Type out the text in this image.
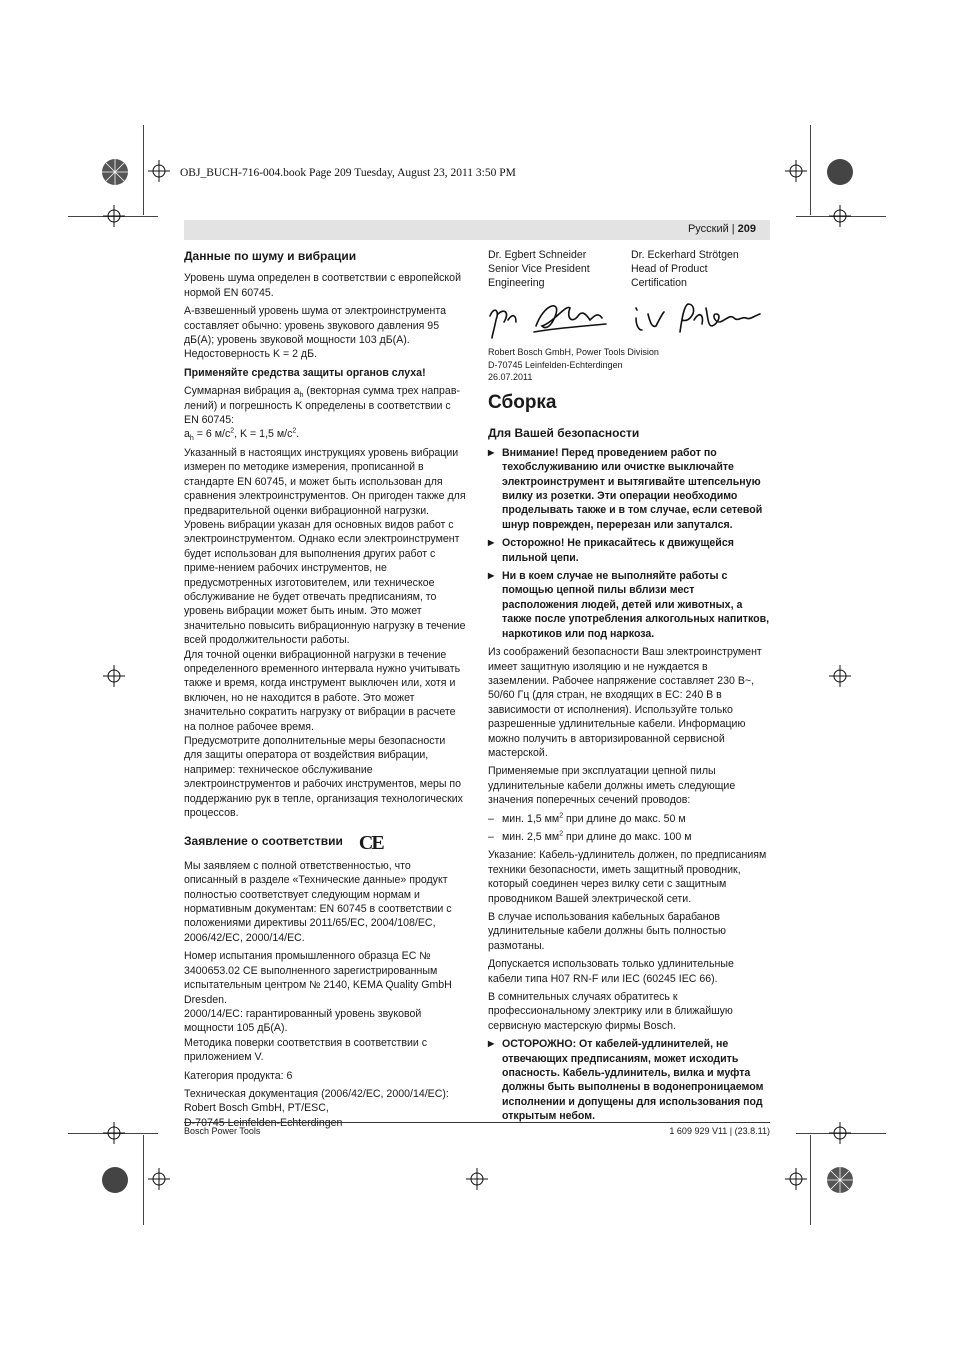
OBJ_BUCH-716-004.book Page 209 Tuesday, August 23, 2011 3:50 PM
Русский | 209
Данные по шуму и вибрации

Уровень шума определен в соответствии с европейской нормой EN 60745.

А-взвешенный уровень шума от электроинструмента составляет обычно: уровень звукового давления 95 дБ(A); уровень звуковой мощности 103 дБ(A). Недостоверность K = 2 дБ.

Применяйте средства защиты органов слуха!

Суммарная вибрация $a_h$ (векторная сумма трех направ-лений) и погрешность K определены в соответствии с EN 60745:

$a_h = 6$ $м/с^2$, K = 1,5 $м/с^2$.

Указанный в настоящих инструкциях уровень вибрации измерен по методике измерения, прописанной в стандарте EN 60745, и может быть использован для сравнения электроинструментов. Он пригоден также для предварительной оценки вибрационной нагрузки.

Уровень вибрации указан для основных видов работ с электроинструментом. Однако если электроинструмент будет использован для выполнения других работ с приме-нением рабочих инструментов, не предусмотренных изготовителем, или техническое обслуживание не будет отвечать предписаниям, то уровень вибрации может быть иным. Это может значительно повысить вибрационную нагрузку в течение всей продолжительности работы.

Для точной оценки вибрационной нагрузки в течение определенного временного интервала нужно учитывать также и время, когда инструмент выключен или, хотя и включен, но не находится в работе. Это может значительно сократить нагрузку от вибрации в расчете на полное рабочее время.

Предусмотрите дополнительные меры безопасности для защиты оператора от воздействия вибрации, например: техническое обслуживание электроинструментов и рабочих инструментов, меры по поддержанию рук в тепле, организация технологических процессов.

Заявление о соответствии CE

Мы заявляем с полной ответственностью, что описанный в разделе «Технические данные» продукт полностью соответствует следующим нормам и нормативным документам: EN 60745 в соответствии с положениями директивы 2011/65/EC, 2004/108/EC, 2006/42/EC, 2000/14/EC.

Номер испытания промышленного образца EC № 3400653.02 CE выполненного зарегистрированным испытательным центром № 2140, KEMA Quality GmbH Dresden.

2000/14/EC: гарантированный уровень звуковой мощности 105 дБ(A).

Методика поверки соответствия в соответствии с приложением V.

Категория продукта: 6

Техническая документация (2006/42/EC, 2000/14/EC):

Robert Bosch GmbH, PT/ESC,

Dr. Egbert Schneider
Senior Vice President
Engineering
Dr. Eckerhard Strötgen
Head of Product
Certification
Robert Bosch GmbH, Power Tools Division
D-70745 Leinfelden-Echterdingen
26.07.2011
Сборка
Для Вашей безопасности

▶ Внимание! Перед проведением работ по техобслуживанию или очистке выключайте электроинструмент и вытягивайте штепсельную вилку из розетки. Эти операции необходимо проделывать также и в том случае, если сетевой шнур поврежден, перерезан или запутался.

▶ Осторожно! Не прикасайтесь к движущейся пильной цепи.

▶ Ни в коем случае не выполняйте работы с помощью цепной пилы вблизи мест расположения людей, детей или животных, а также после употребления алкогольных напитков, наркотиков или под наркоза.

Из соображений безопасности Ваш электроинструмент имеет защитную изоляцию и не нуждается в заземлении. Рабочее напряжение составляет 230 В~, 50/60 Гц (для стран, не входящих в ЕС: 240 В в зависимости от исполнения). Используйте только разрешенные удлинительные кабели. Информацию можно получить в авторизированной сервисной мастерской.

Применяемые при эксплуатации цепной пилы удлинительные кабели должны иметь следующие значения поперечных сечений проводов:

– мин. 1,5 $мм^2$ при длине до макс. 50 м

– мин. 2,5 $мм^2$ при длине до макс. 100 м

Указание: Кабель-удлинитель должен, по предписаниям техники безопасности, иметь защитный проводник, который соединен через вилку сети с защитным проводником Вашей электрической сети.

В случае использования кабельных барабанов удлинительные кабели должны быть полностью размотаны.

Допускается использовать только удлинительные кабели типа H07 RN-F или IEC (60245 IEC 66).

В сомнительных случаях обратитесь к профессиональному электрику или в ближайшую сервисную мастерскую фирмы Bosch.

▶ ОСТОРОЖНО: От кабелей-удлинителей, не отвечающих предписаниям, может исходить опасность. Кабель-удлинитель, вилка и муфта должны быть выполнены в водонепроницаемом исполнении и допущены для использования под открытым небом.

Bosch Power Tools	1 609 929 V11 | (23.8.11)
